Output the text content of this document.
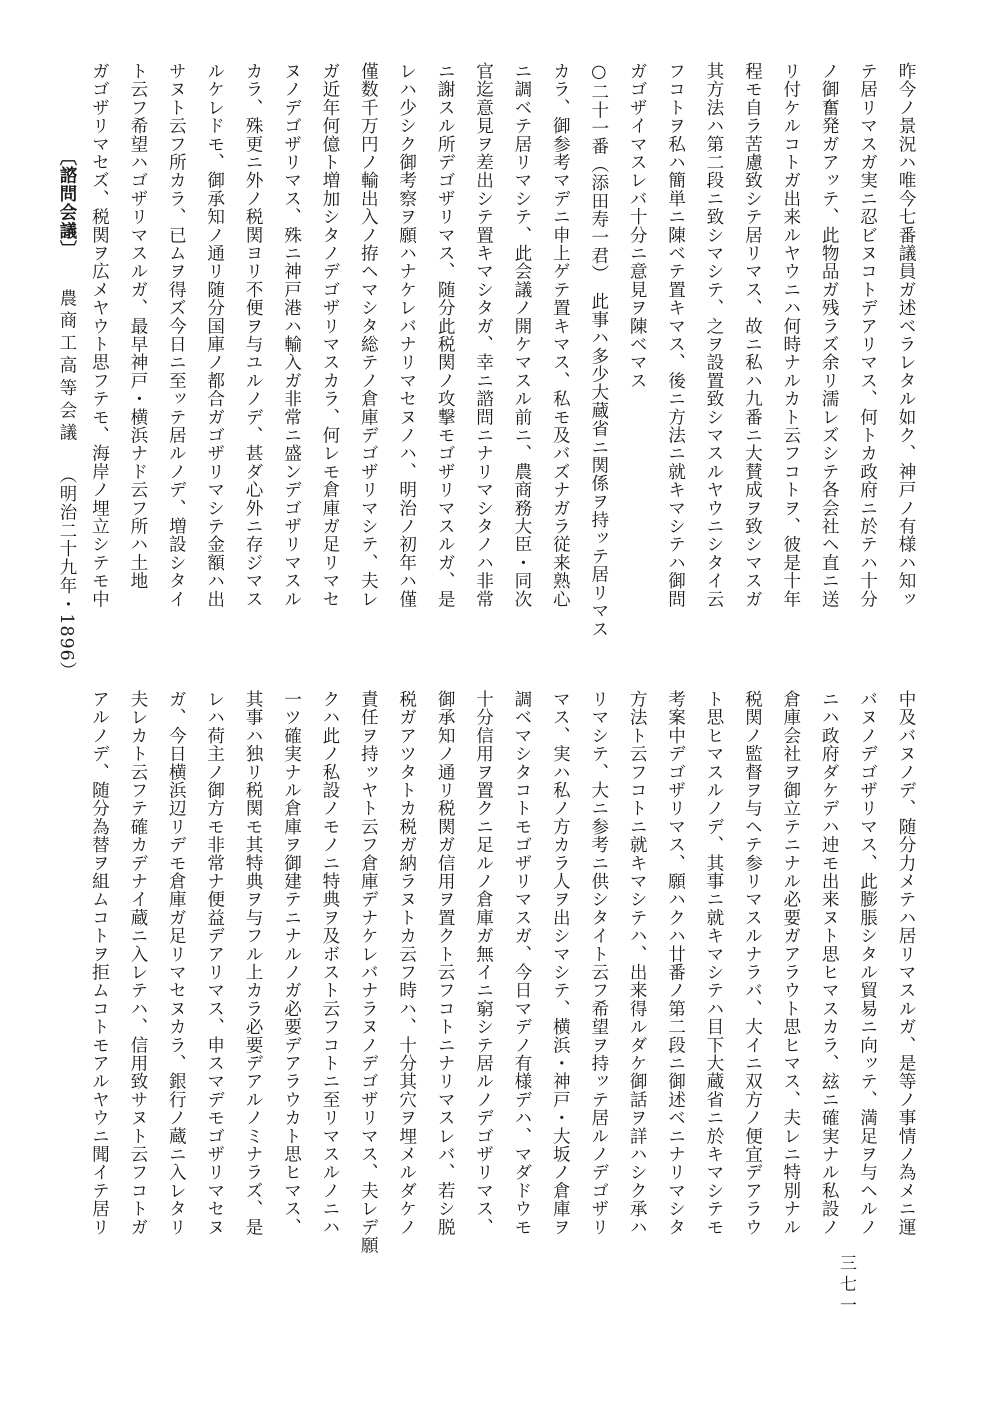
昨今ノ景況ハ唯今七番議員ガ述ベラレタル如ク、神戸ノ有様ハ知ッ
テ居リマスガ実ニ忍ビヌコトデアリマス、何トカ政府ニ於テハ十分
ノ御奮発ガアッテ、此物品ガ残ラズ余リ濡レズシテ各会社ヘ直ニ送
リ付ケルコトガ出来ルヤウニハ何時ナルカト云フコトヲ、彼是十年
程モ自ラ苦慮致シテ居リマス、故ニ私ハ九番ニ大賛成ヲ致シマスガ
其方法ハ第二段ニ致シマシテ、之ヲ設置致シマスルヤウニシタイ云
フコトヲ私ハ簡単ニ陳ベテ置キマス、後ニ方法ニ就キマシテハ御問
ガゴザイマスレバ十分ニ意見ヲ陳ベマス
○二十一番（添田寿一君）　此事ハ多少大蔵省ニ関係ヲ持ッテ居リマス
カラ、御参考マデニ申上ゲテ置キマス、私モ及バズナガラ従来熟心
ニ調ベテ居リマシテ、此会議ノ開ケマスル前ニ、農商務大臣・同次
官迄意見ヲ差出シテ置キマシタガ、幸ニ諮問ニナリマシタノハ非常
ニ謝スル所デゴザリマス、随分此税関ノ攻撃モゴザリマスルガ、是
レハ少シク御考察ヲ願ハナケレバナリマセヌノハ、明治ノ初年ハ僅
僅数千万円ノ輸出入ノ拵ヘマシタ総テノ倉庫デゴザリマシテ、夫レ
ガ近年何億ト増加シタノデゴザリマスカラ、何レモ倉庫ガ足リマセ
ヌノデゴザリマス、殊ニ神戸港ハ輸入ガ非常ニ盛ンデゴザリマスル
カラ、殊更ニ外ノ税関ヨリ不便ヲ与ユルノデ、甚ダ心外ニ存ジマス
ルケレドモ、御承知ノ通リ随分国庫ノ都合ガゴザリマシテ金額ハ出
サヌト云フ所カラ、已ムヲ得ズ今日ニ至ッテ居ルノデ、増設シタイ
ト云フ希望ハゴザリマスルガ、最早神戸・横浜ナド云フ所ハ土地
ガゴザリマセズ、税関ヲ広メヤウト思フテモ、海岸ノ埋立シテモ中
中及バヌノデ、随分力メテハ居リマスルガ、是等ノ事情ノ為メニ運
バヌノデゴザリマス、此膨脹シタル貿易ニ向ッテ、満足ヲ与ヘルノ
ニハ政府ダケデハ迚モ出来ヌト思ヒマスカラ、玆ニ確実ナル私設ノ
倉庫会社ヲ御立テニナル必要ガアラウト思ヒマス、夫レニ特別ナル
税関ノ監督ヲ与ヘテ参リマスルナラバ、大イニ双方ノ便宜デアラウ
ト思ヒマスルノデ、其事ニ就キマシテハ目下大蔵省ニ於キマシテモ
考案中デゴザリマス、願ハクハ廿番ノ第二段ニ御述ベニナリマシタ
方法ト云フコトニ就キマシテハ、出来得ルダケ御話ヲ詳ハシク承ハ
リマシテ、大ニ参考ニ供シタイト云フ希望ヲ持ッテ居ルノデゴザリ
マス、実ハ私ノ方カラ人ヲ出シマシテ、横浜・神戸・大坂ノ倉庫ヲ
調ベマシタコトモゴザリマスガ、今日マデノ有様デハ、マダドウモ
十分信用ヲ置クニ足ルノ倉庫ガ無イニ窮シテ居ルノデゴザリマス、
御承知ノ通リ税関ガ信用ヲ置クト云フコトニナリマスレバ、若シ脱
税ガアツタトカ税ガ納ラヌトカ云フ時ハ、十分其穴ヲ埋メルダケノ
責任ヲ持ッヤト云フ倉庫デナケレバナラヌノデゴザリマス、夫レデ願
クハ此ノ私設ノモノニ特典ヲ及ボスト云フコトニ至リマスルノニハ
一ツ確実ナル倉庫ヲ御建テニナルノガ必要デアラウカト思ヒマス、
其事ハ独リ税関モ其特典ヲ与フル上カラ必要デアルノミナラズ、是
レハ荷主ノ御方モ非常ナ便益デアリマス、申スマデモゴザリマセヌ
ガ、今日横浜辺リデモ倉庫ガ足リマセヌカラ、銀行ノ蔵ニ入レタリ
夫レカト云フテ確カデナイ蔵ニ入レテハ、信用致サヌト云フコトガ
アルノデ、随分為替ヲ組ムコトヲ拒ムコトモアルヤウニ聞イテ居リ
〔諮問会議〕 農商工高等会議 （明治二十九年・1896）
三七一
